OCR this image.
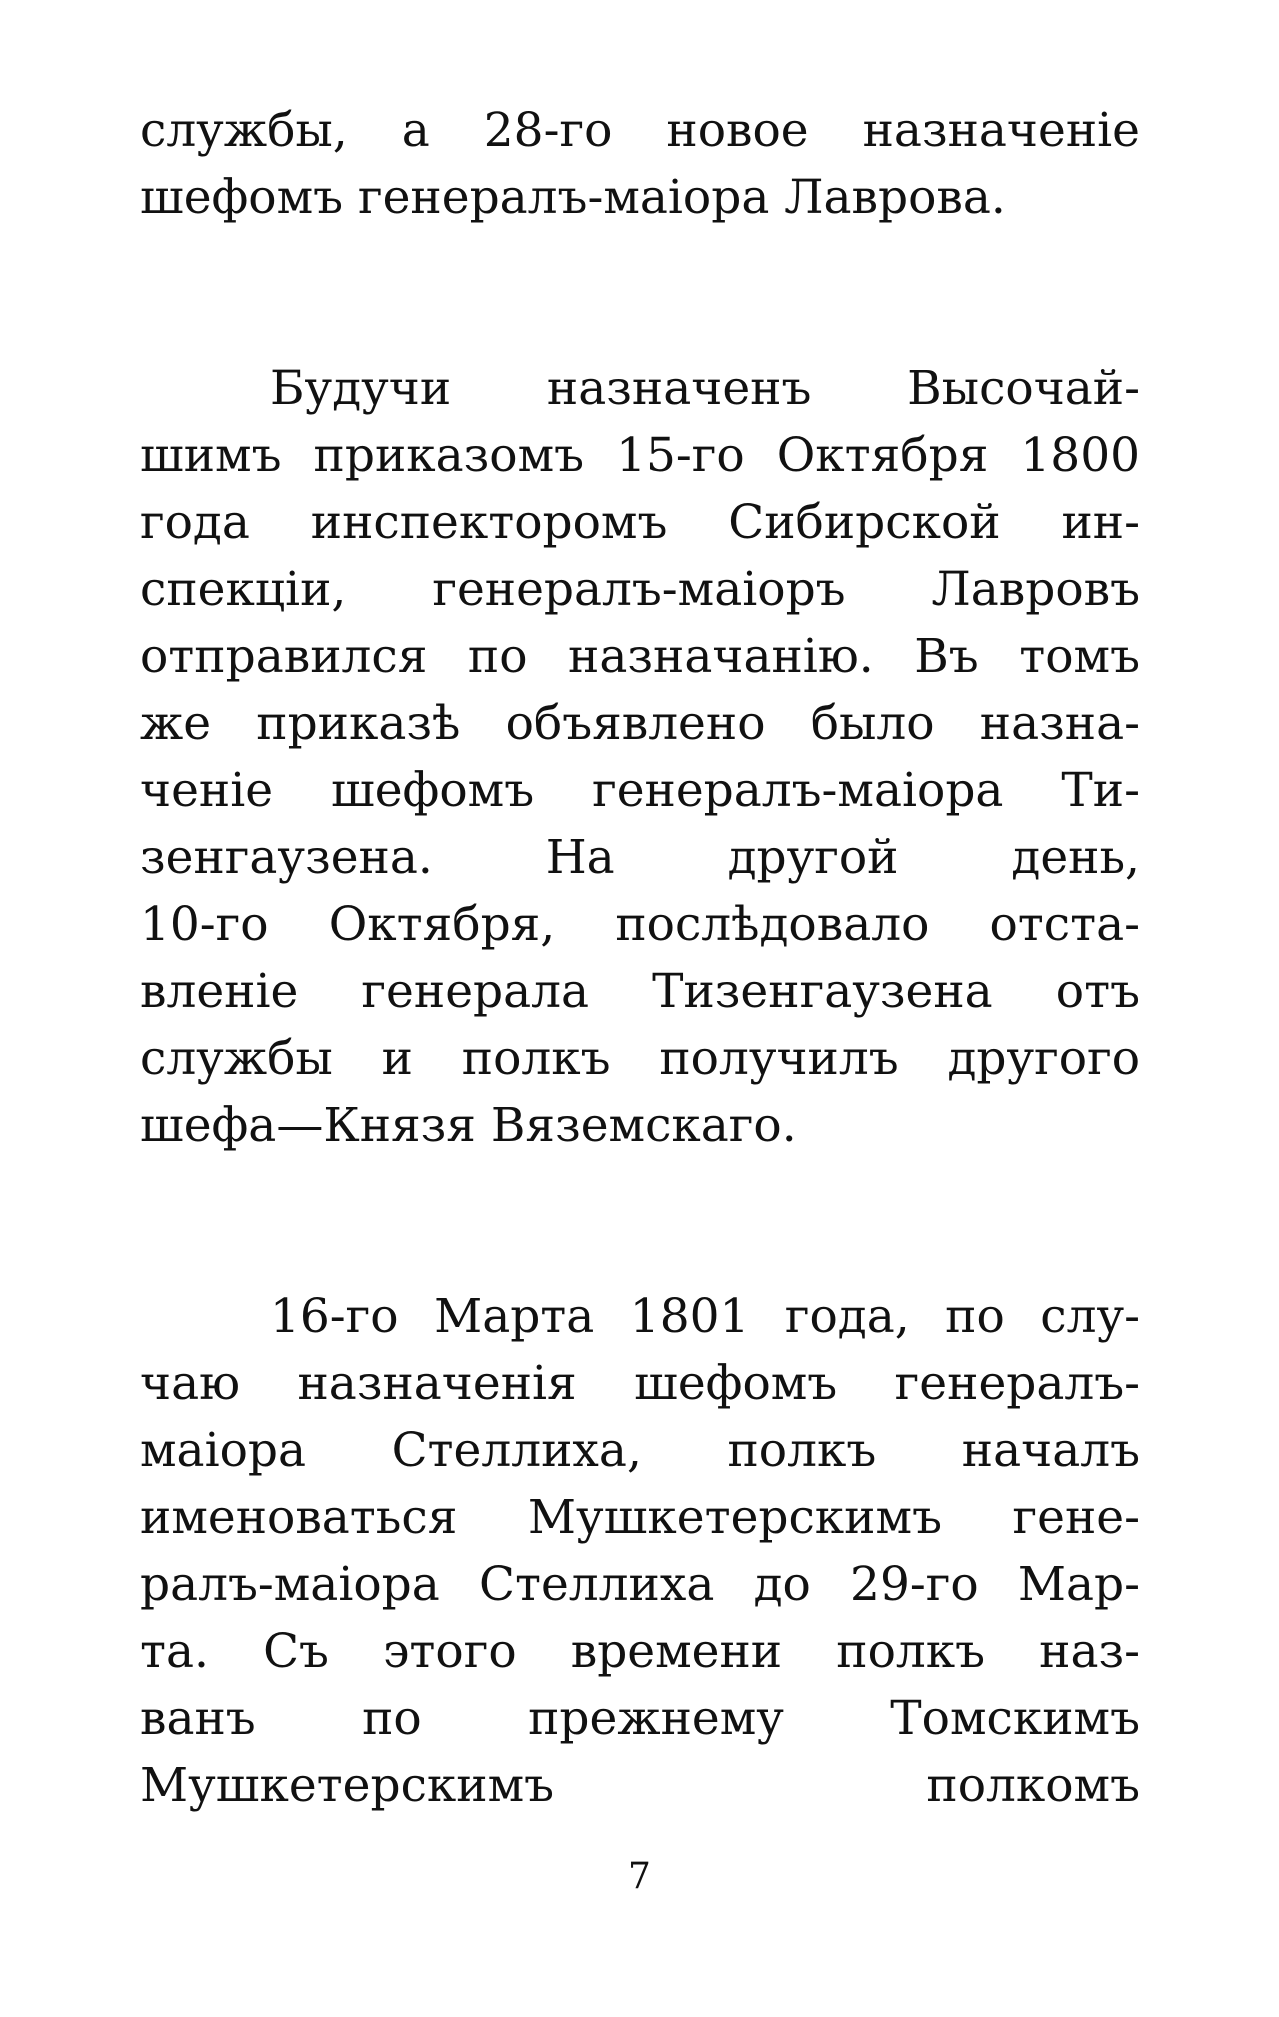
службы, а 28-го новое назначеніе
шефомъ генералъ-маіора Лаврова.
Будучи назначенъ Высочай-
шимъ приказомъ 15-го Октября 1800
года инспекторомъ Сибирской ин-
спекціи, генералъ-маіоръ Лавровъ
отправился по назначанію. Въ томъ
же приказѣ объявлено было назна-
ченіе шефомъ генералъ-маіора Ти-
зенгаузена. На другой день,
10-го Октября, послѣдовало отста-
вленіе генерала Тизенгаузена отъ
службы и полкъ получилъ другого
шефа—Князя Вяземскаго.
16-го Марта 1801 года, по слу-
чаю назначенія шефомъ генералъ-
маіора Стеллиха, полкъ началъ
именоваться Мушкетерскимъ гене-
ралъ-маіора Стеллиха до 29-го Мар-
та. Съ этого времени полкъ наз-
ванъ по прежнему Томскимъ
Мушкетерскимъ полкомъ
7
